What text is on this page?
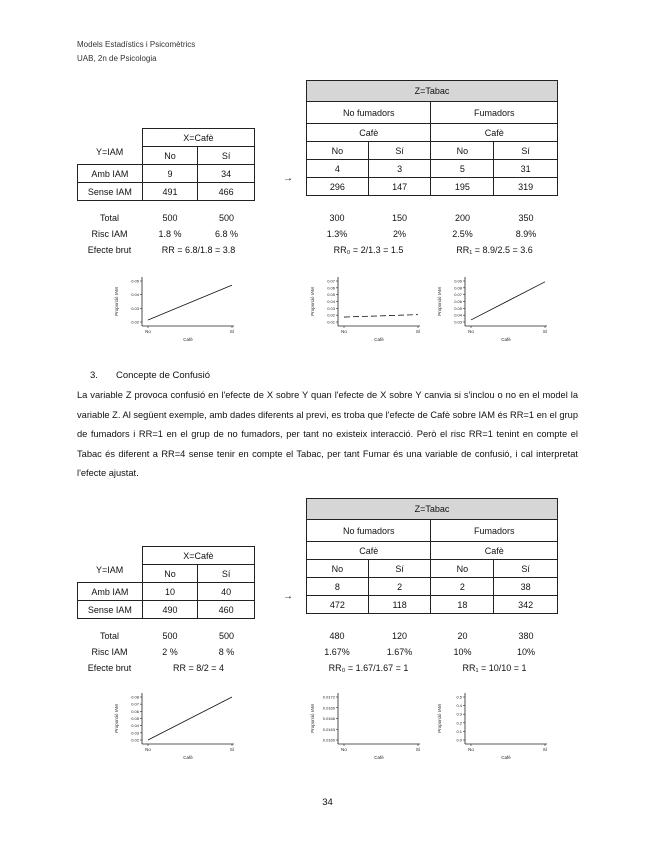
Models Estadístics i Psicomètrics
UAB, 2n de Psicologia
	X=Cafè	
Y=IAM	No	Sí
Amb IAM	9	34
Sense IAM	491	466
→
Z=Tabac			
No fumadors		Fumadors	
Cafè		Cafè	
No	Sí	No	Sí
4	3	5	31
296	147	195	319
Total	500	500	300	150	200	350
Risc IAM	1.8 %	6.8 %	1.3%	2%	2.5%	8.9%
Efecte brut	RR = 6.8/1.8 = 3.8	RR₀ = 2/1.3 = 1.5	RR₁ = 8.9/2.5 = 3.6
0.02
0.03
0.04
0.05
No	Sí
Cafè
Proporció IAM
0.01
0.02
0.03
0.04
0.05
0.06
0.07
No	Sí
Cafè
Proporció IAM
0.03
0.04
0.05
0.06
0.07
0.08
0.09
No	Sí
Cafè
Proporció IAM
3. Concepte de Confusió
La variable Z provoca confusió en l'efecte de X sobre Y quan l'efecte de X sobre Y canvia si s'inclou o no en el model la variable Z. Al següent exemple, amb dades diferents al previ, es troba que l'efecte de Cafè sobre IAM és RR=1 en el grup de fumadors i RR=1 en el grup de no fumadors, per tant no existeix interacció. Però el risc RR=1 tenint en compte el Tabac és diferent a RR=4 sense tenir en compte el Tabac, per tant Fumar és una variable de confusió, i cal interpretat l'efecte ajustat.
	X=Cafè	
Y=IAM	No	Sí
Amb IAM	10	40
Sense IAM	490	460
→
Z=Tabac			
No fumadors		Fumadors	
Cafè		Cafè	
No	Sí	No	Sí
8	2	2	38
472	118	18	342
Total	500	500	480	120	20	380
Risc IAM	2 %	8 %	1.67%	1.67%	10%	10%
Efecte brut	RR = 8/2 = 4	RR₀ = 1.67/1.67 = 1	RR₁ = 10/10 = 1
0.02
0.03
0.04
0.05
0.06
0.07
0.08
No	Sí
Cafè
Proporció IAM
0.0160
0.0163
0.0166
0.0169
0.0172
No	Sí
Cafè
Proporció IAM
0.0
0.1
0.2
0.3
0.4
0.5
No	Sí
Cafè
Proporció IAM
34
